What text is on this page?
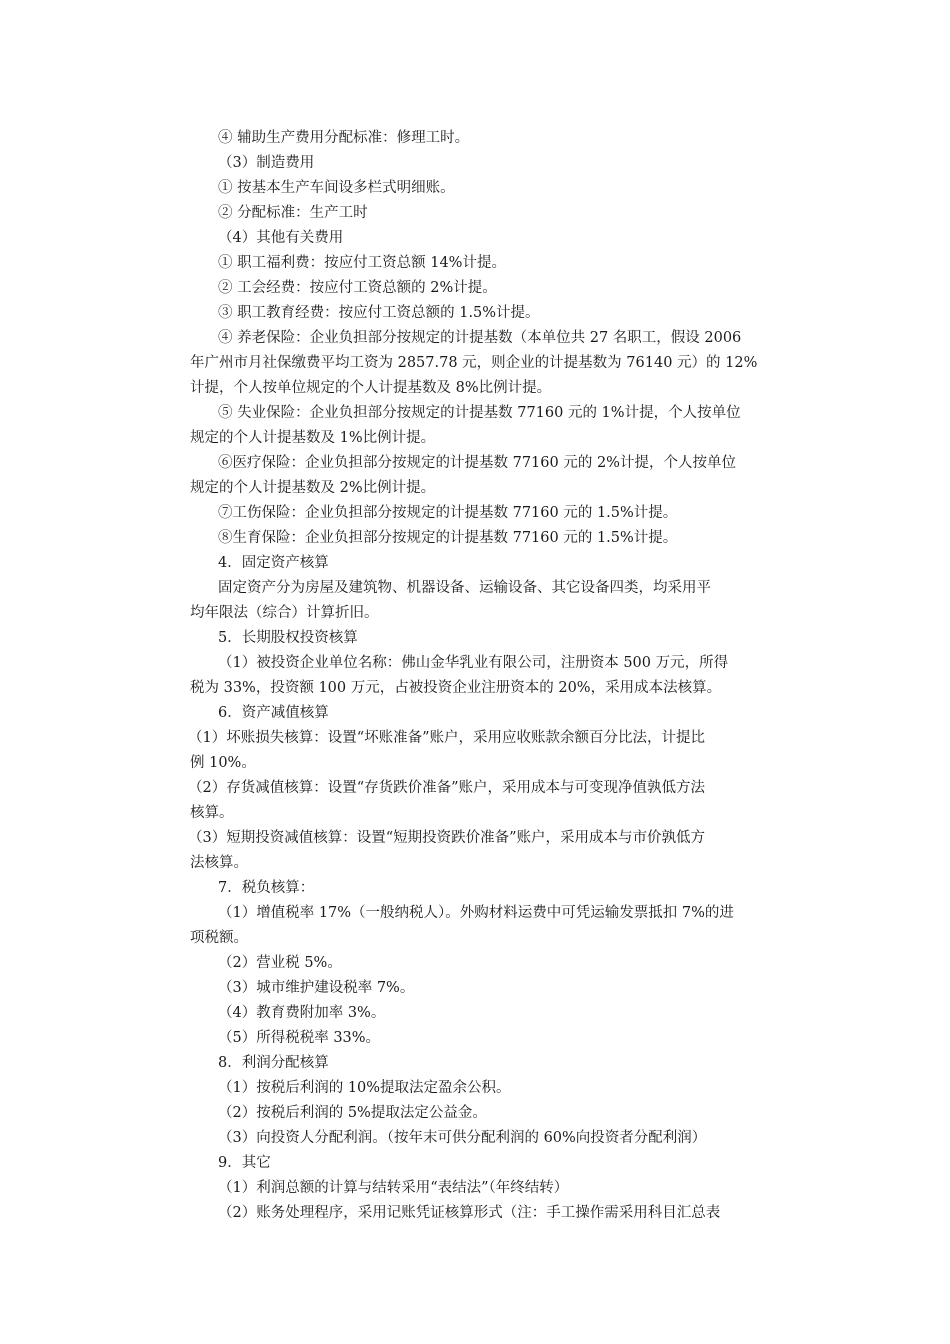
④ 辅助生产费用分配标准：修理工时。
（3）制造费用
① 按基本生产车间设多栏式明细账。
② 分配标准：生产工时
（4）其他有关费用
① 职工福利费：按应付工资总额 14%计提。
② 工会经费：按应付工资总额的 2%计提。
③ 职工教育经费：按应付工资总额的 1.5%计提。
④ 养老保险：企业负担部分按规定的计提基数（本单位共 27 名职工，假设 2006
年广州市月社保缴费平均工资为 2857.78 元，则企业的计提基数为 76140 元）的 12%
计提，个人按单位规定的个人计提基数及 8%比例计提。
⑤ 失业保险：企业负担部分按规定的计提基数 77160 元的 1%计提，个人按单位
规定的个人计提基数及 1%比例计提。
⑥医疗保险：企业负担部分按规定的计提基数 77160 元的 2%计提，个人按单位
规定的个人计提基数及 2%比例计提。
⑦工伤保险：企业负担部分按规定的计提基数 77160 元的 1.5%计提。
⑧生育保险：企业负担部分按规定的计提基数 77160 元的 1.5%计提。
4．固定资产核算
固定资产分为房屋及建筑物、机器设备、运输设备、其它设备四类，均采用平
均年限法（综合）计算折旧。
5．长期股权投资核算
（1）被投资企业单位名称：佛山金华乳业有限公司，注册资本 500 万元，所得
税为 33%，投资额 100 万元，占被投资企业注册资本的 20%，采用成本法核算。
6．资产减值核算
（1）坏账损失核算：设置“坏账准备”账户，采用应收账款余额百分比法，计提比
例 10%。
（2）存货减值核算：设置“存货跌价准备”账户，采用成本与可变现净值孰低方法
核算。
（3）短期投资减值核算：设置“短期投资跌价准备”账户，采用成本与市价孰低方
法核算。
7．税负核算：
（1）增值税率 17%（一般纳税人）。外购材料运费中可凭运输发票抵扣 7%的进
项税额。
（2）营业税 5%。
（3）城市维护建设税率 7%。
（4）教育费附加率 3%。
（5）所得税税率 33%。
8．利润分配核算
（1）按税后利润的 10%提取法定盈余公积。
（2）按税后利润的 5%提取法定公益金。
（3）向投资人分配利润。（按年末可供分配利润的 60%向投资者分配利润）
9．其它
（1）利润总额的计算与结转采用“表结法”（年终结转）
（2）账务处理程序，采用记账凭证核算形式（注：手工操作需采用科目汇总表
